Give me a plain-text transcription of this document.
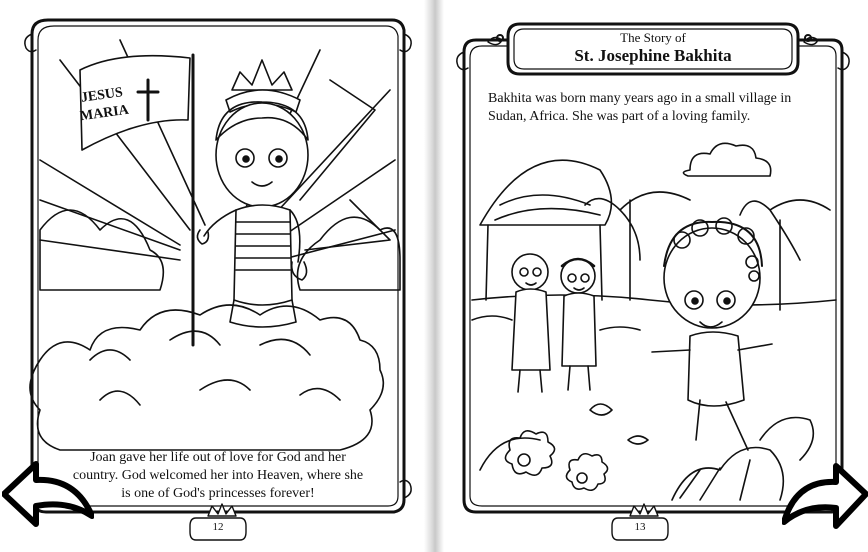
JESUS
MARIA
The Story of
St. Josephine Bakhita
Joan gave her life out of love for God and her country. God welcomed her into Heaven, where she is one of God's princesses forever!
Bakhita was born many years ago in a small village in Sudan, Africa. She was part of a loving family.
12	13
